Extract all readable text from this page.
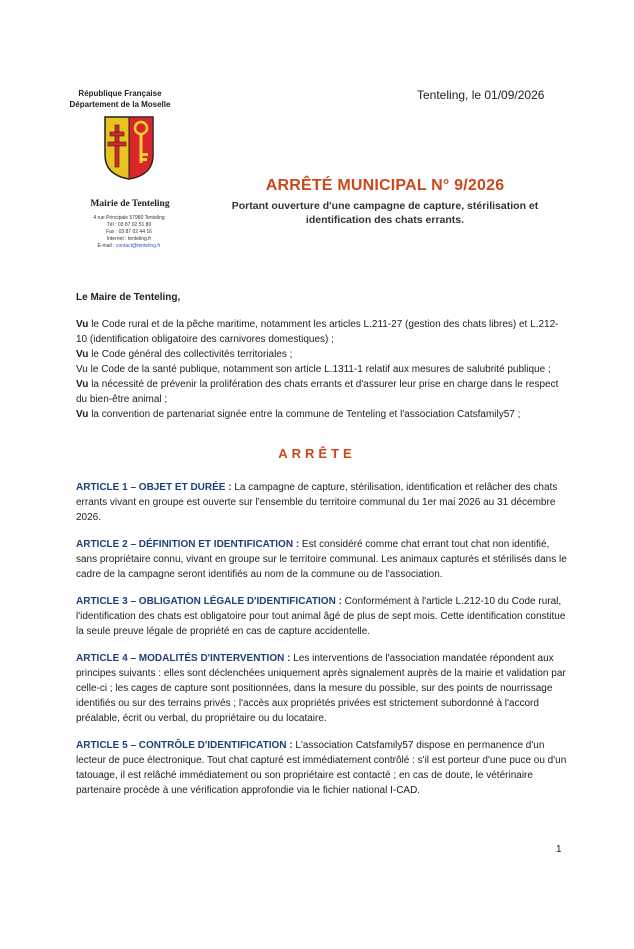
République Française
Département de la Moselle
Mairie de Tenteling
4 rue Principale 57980 Tenteling
Tél : 03 87 02 51 80
Fax : 03 87 02 44 16
Internet : tenteling.fr
E-mail : contact@tenteling.fr
Tenteling, le 01/09/2026
ARRÊTÉ MUNICIPAL N° 9/2026
Portant ouverture d'une campagne de capture, stérilisation et
identification des chats errants.
Le Maire de Tenteling,
Vu le Code rural et de la pêche maritime, notamment les articles L.211-27 (gestion des chats libres) et L.212-10 (identification obligatoire des carnivores domestiques) ;
Vu le Code général des collectivités territoriales ;
Vu le Code de la santé publique, notamment son article L.1311-1 relatif aux mesures de salubrité publique ;
Vu la nécessité de prévenir la prolifération des chats errants et d'assurer leur prise en charge dans le respect du bien-être animal ;
Vu la convention de partenariat signée entre la commune de Tenteling et l'association Catsfamily57 ;
ARRÊTE
ARTICLE 1 – OBJET ET DURÉE : La campagne de capture, stérilisation, identification et relâcher des chats errants vivant en groupe est ouverte sur l'ensemble du territoire communal du 1er mai 2026 au 31 décembre 2026.
ARTICLE 2 – DÉFINITION ET IDENTIFICATION : Est considéré comme chat errant tout chat non identifié, sans propriétaire connu, vivant en groupe sur le territoire communal. Les animaux capturés et stérilisés dans le cadre de la campagne seront identifiés au nom de la commune ou de l'association.
ARTICLE 3 – OBLIGATION LÉGALE D'IDENTIFICATION : Conformément à l'article L.212-10 du Code rural, l'identification des chats est obligatoire pour tout animal âgé de plus de sept mois. Cette identification constitue la seule preuve légale de propriété en cas de capture accidentelle.
ARTICLE 4 – MODALITÉS D'INTERVENTION : Les interventions de l'association mandatée répondent aux principes suivants : elles sont déclenchées uniquement après signalement auprès de la mairie et validation par celle-ci ; les cages de capture sont positionnées, dans la mesure du possible, sur des points de nourrissage identifiés ou sur des terrains privés ; l'accès aux propriétés privées est strictement subordonné à l'accord préalable, écrit ou verbal, du propriétaire ou du locataire.
ARTICLE 5 – CONTRÔLE D'IDENTIFICATION : L'association Catsfamily57 dispose en permanence d'un lecteur de puce électronique. Tout chat capturé est immédiatement contrôlé : s'il est porteur d'une puce ou d'un tatouage, il est relâché immédiatement ou son propriétaire est contacté ; en cas de doute, le vétérinaire partenaire procède à une vérification approfondie via le fichier national I-CAD.
1
